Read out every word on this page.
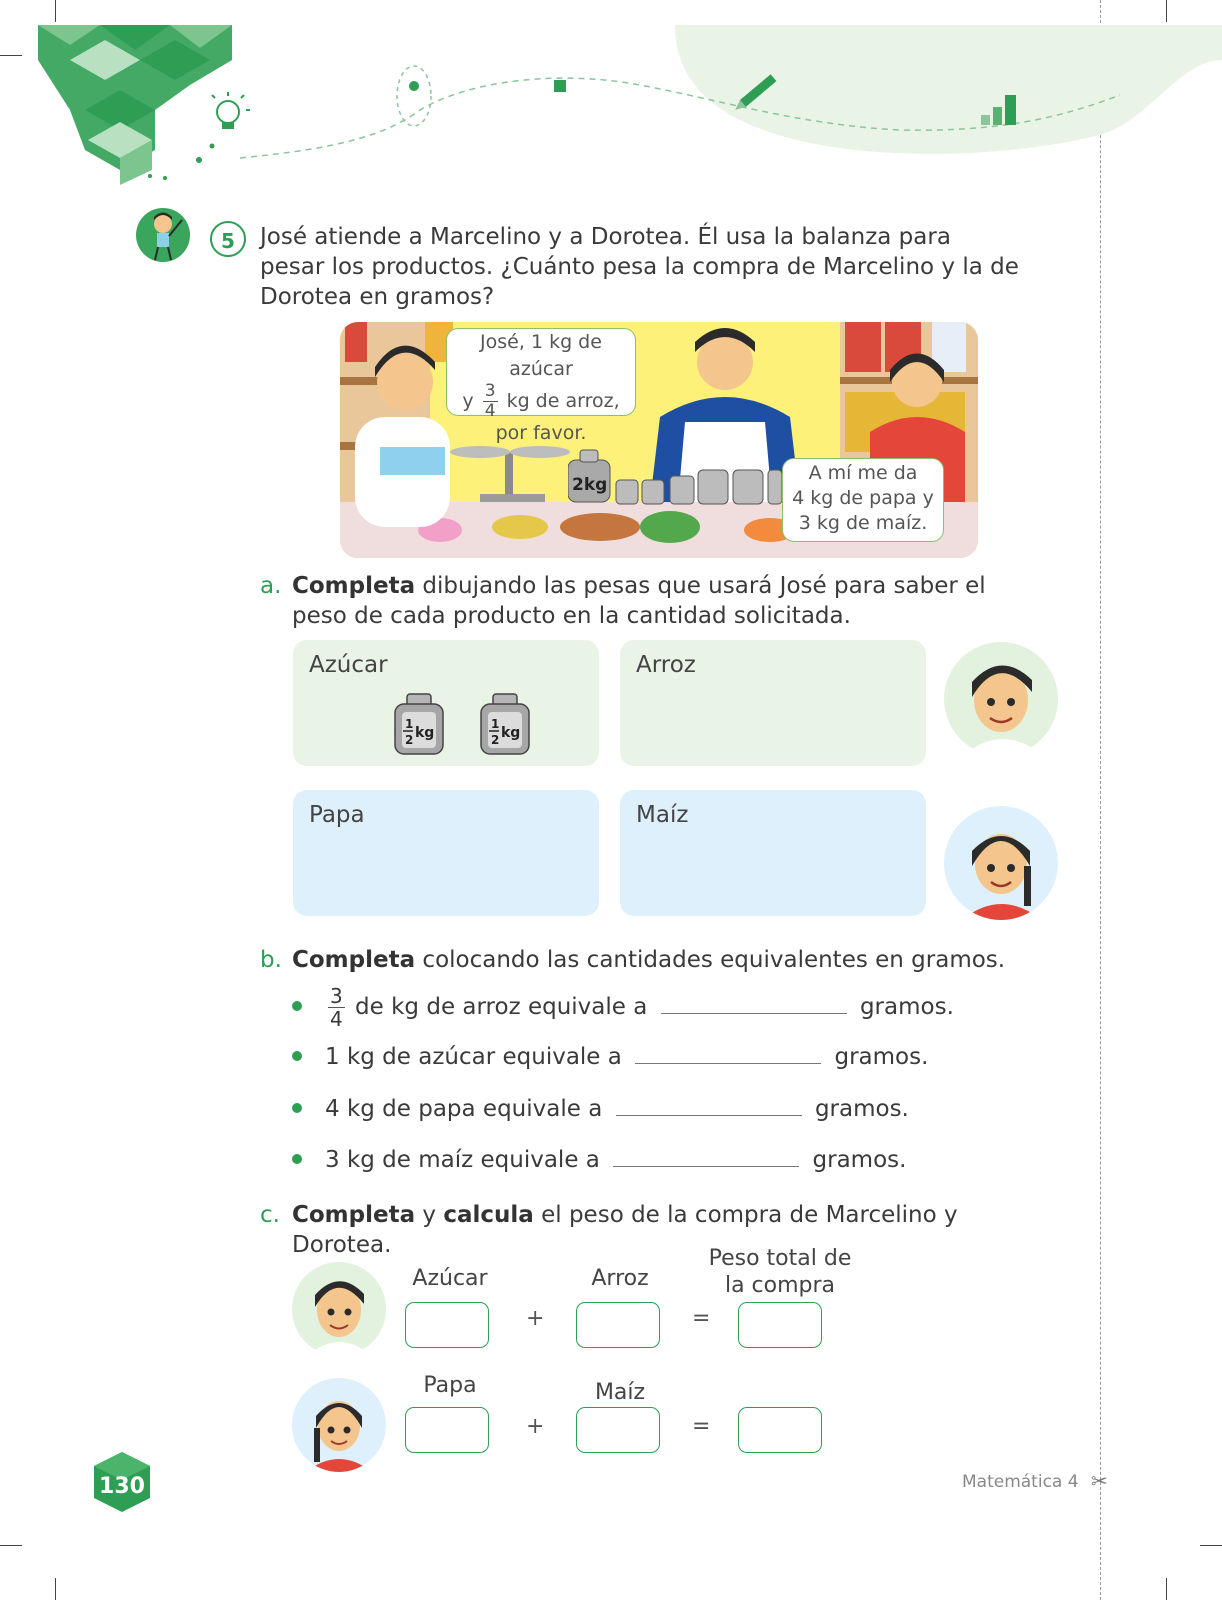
5	José atiende a Marcelino y a Dorotea. Él usa la balanza para pesar los productos. ¿Cuánto pesa la compra de Marcelino y la de Dorotea en gramos?
2kg
José, 1 kg de azúcar
y $\frac{3}{4}$ kg de arroz,
por favor.
A mí me da
4 kg de papa y
3 kg de maíz.
a. Completa dibujando las pesas que usará José para saber el peso de cada producto en la cantidad solicitada.
Azúcar
1
2 kg
1
2 kg
Arroz
Papa	Maíz
b. Completa colocando las cantidades equivalentes en gramos.
$\frac{3}{4}$ de kg de arroz equivale a	gramos.
1 kg de azúcar equivale a	gramos.
4 kg de papa equivale a	gramos.
3 kg de maíz equivale a	gramos.
c. Completa y calcula el peso de la compra de Marcelino y Dorotea.
Azúcar	Arroz
Peso total de
la compra
+	=
Papa	Maíz
+	=
130	Matemática 4 ✂
